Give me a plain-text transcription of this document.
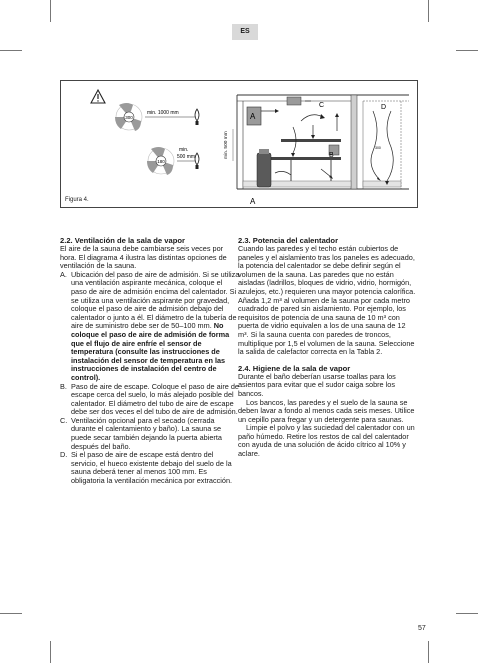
ES
300
min. 1000 mm
180
min.
500 mm	min. 500 mm
A
A
B
C	D
300
Figura 4.
2.2. Ventilación de la sala de vapor

El aire de la sauna debe cambiarse seis veces por hora. El diagrama 4 ilustra las distintas opciones de ventilación de la sauna.

A. Ubicación del paso de aire de admisión. Si se utiliza una ventilación aspirante mecánica, coloque el paso de aire de admisión encima del calentador. Si se utiliza una ventilación aspirante por gravedad, coloque el paso de aire de admisión debajo del calentador o junto a él. El diámetro de la tubería de aire de suministro debe ser de 50–100 mm. No coloque el paso de aire de admisión de forma que el flujo de aire enfríe el sensor de temperatura (consulte las instrucciones de instalación del sensor de temperatura en las instrucciones de instalación del centro de control).
B. Paso de aire de escape. Coloque el paso de aire de escape cerca del suelo, lo más alejado posible del calentador. El diámetro del tubo de aire de escape debe ser dos veces el del tubo de aire de admisión.
C. Ventilación opcional para el secado (cerrada durante el calentamiento y baño). La sauna se puede secar también dejando la puerta abierta después del baño.
D. Si el paso de aire de escape está dentro del servicio, el hueco existente debajo del suelo de la sauna deberá tener al menos 100 mm. Es obligatoria la ventilación mecánica por extracción.
2.3. Potencia del calentador

Cuando las paredes y el techo están cubiertos de paneles y el aislamiento tras los paneles es adecuado, la potencia del calentador se debe definir según el volumen de la sauna. Las paredes que no están aisladas (ladrillos, bloques de vidrio, vidrio, hormigón, azulejos, etc.) requieren una mayor potencia calorífica. Añada 1,2 m³ al volumen de la sauna por cada metro cuadrado de pared sin aislamiento. Por ejemplo, los requisitos de potencia de una sauna de 10 m³ con puerta de vidrio equivalen a los de una sauna de 12 m³. Si la sauna cuenta con paredes de troncos, multiplique por 1,5 el volumen de la sauna. Seleccione la salida de calefactor correcta en la Tabla 2.

2.4. Higiene de la sala de vapor

Durante el baño deberían usarse toallas para los asientos para evitar que el sudor caiga sobre los bancos.

Los bancos, las paredes y el suelo de la sauna se deben lavar a fondo al menos cada seis meses. Utilice un cepillo para fregar y un detergente para saunas.

Limpie el polvo y las suciedad del calentador con un paño húmedo. Retire los restos de cal del calentador con ayuda de una solución de ácido cítrico al 10% y aclare.

57
